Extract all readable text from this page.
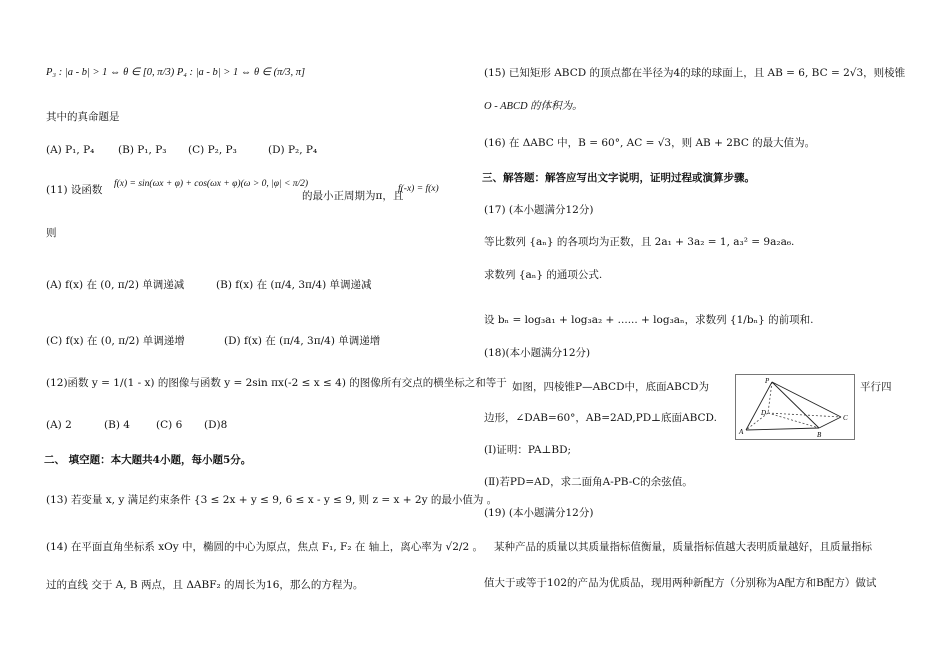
P₃ : |a - b| > 1 ⇔ θ ∈ [0, π/3) P₄ : |a - b| > 1 ⇔ θ ∈ (π/3, π]
其中的真命题是
(A) P₁, P₄ (B) P₁, P₃ (C) P₂, P₃	(D) P₂, P₄
(11) 设函数 f(x) = sin(ωx + φ) + cos(ωx + φ)(ω > 0, |φ| < π/2)
的最小正周期为π，且
f(-x) = f(x)
则
(A) f(x) 在 (0, π/2) 单调递减	(B) f(x) 在 (π/4, 3π/4) 单调递减
(C) f(x) 在 (0, π/2) 单调递增	(D) f(x) 在 (π/4, 3π/4) 单调递增
(12)函数 y = 1/(1 - x) 的图像与函数 y = 2sin πx(-2 ≤ x ≤ 4) 的图像所有交点的横坐标之和等于
(A) 2	(B) 4 (C) 6 (D)8
二、 填空题：本大题共4小题，每小题5分。
(13) 若变量 x, y 满足约束条件 {3 ≤ 2x + y ≤ 9, 6 ≤ x - y ≤ 9, 则 z = x + 2y 的最小值为 。
(14) 在平面直角坐标系 xOy 中，椭圆的中心为原点，焦点 F₁, F₂ 在 轴上，离心率为 √2/2 。
过的直线 交于 A, B 两点，且 ΔABF₂ 的周长为16，那么的方程为。
(15) 已知矩形 ABCD 的顶点都在半径为4的球的球面上，且 AB = 6, BC = 2√3，则棱锥
O - ABCD 的体积为。
(16) 在 ΔABC 中，B = 60°, AC = √3，则 AB + 2BC 的最大值为。
三、解答题：解答应写出文字说明，证明过程或演算步骤。
(17) (本小题满分12分)
等比数列 {aₙ} 的各项均为正数，且 2a₁ + 3a₂ = 1, a₃² = 9a₂a₆.
求数列 {aₙ} 的通项公式.
设 bₙ = log₃a₁ + log₃a₂ + ...... + log₃aₙ，求数列 {1/bₙ} 的前项和.
(18)(本小题满分12分)
如图，四棱锥P—ABCD中，底面ABCD为	平行四
边形，∠DAB=60°，AB=2AD,PD⊥底面ABCD.
(Ⅰ)证明：PA⊥BD;
(Ⅱ)若PD=AD，求二面角A-PB-C的余弦值。
(19) (本小题满分12分)
某种产品的质量以其质量指标值衡量，质量指标值越大表明质量越好，且质量指标
值大于或等于102的产品为优质品，现用两种新配方（分别称为A配方和B配方）做试
P
D
A	B
C
